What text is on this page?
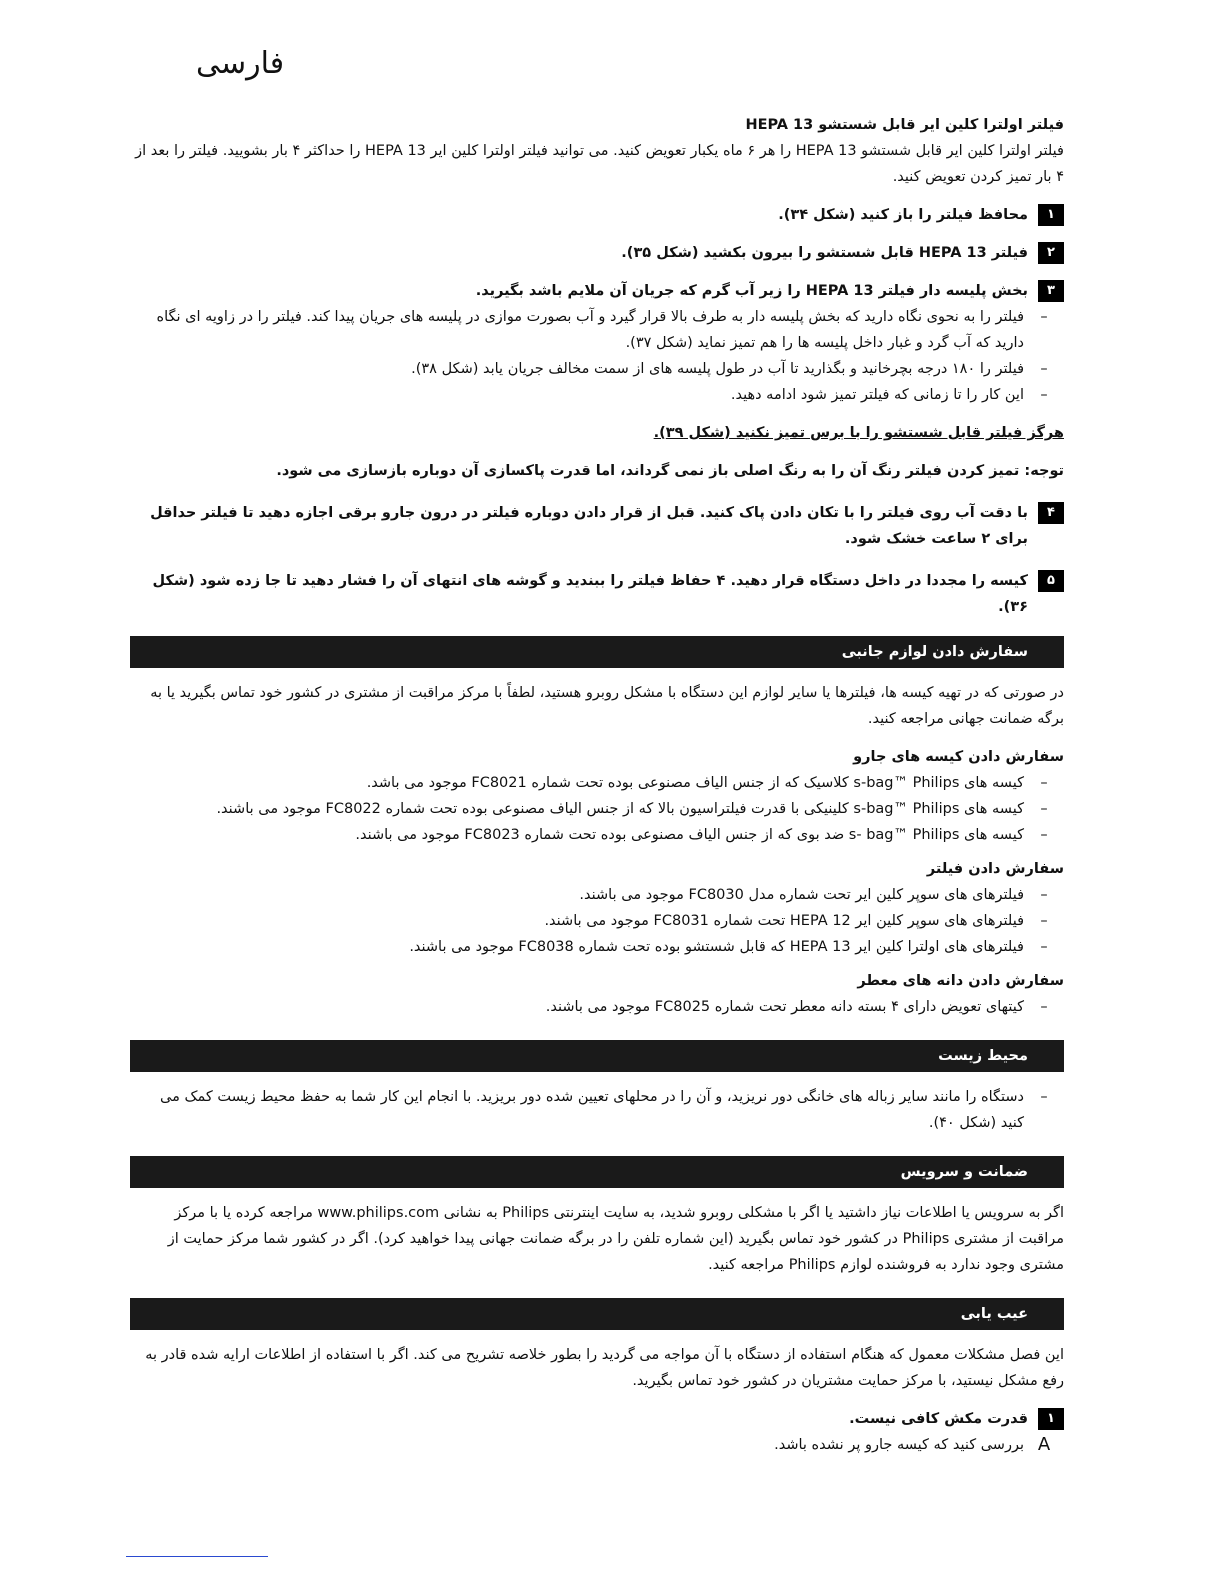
فارسی

فیلتر اولترا کلین ایر قابل شستشو HEPA 13

فیلتر اولترا کلین ایر قابل شستشو HEPA 13 را هر ۶ ماه یکبار تعویض کنید. می توانید فیلتر اولترا کلین ایر HEPA 13 را حداکثر ۴ بار بشویید. فیلتر را بعد از ۴ بار تمیز کردن تعویض کنید.

۱
محافظ فیلتر را باز کنید (شکل ۳۴).
۲
فیلتر HEPA 13 قابل شستشو را بیرون بکشید (شکل ۳۵).
۳
بخش پلیسه دار فیلتر HEPA 13 را زیر آب گرم که جریان آن ملایم باشد بگیرید.
–
فیلتر را به نحوی نگاه دارید که بخش پلیسه دار به طرف بالا قرار گیرد و آب بصورت موازی در پلیسه های جریان پیدا کند. فیلتر را در زاویه ای نگاه دارید که آب گرد و غبار داخل پلیسه ها را هم تمیز نماید (شکل ۳۷).
–
فیلتر را ۱۸۰ درجه بچرخانید و بگذارید تا آب در طول پلیسه های از سمت مخالف جریان یابد (شکل ۳۸).
–
این کار را تا زمانی که فیلتر تمیز شود ادامه دهید.

هرگز فیلتر قابل شستشو را با برس تمیز نکنید (شکل ۳۹).

توجه: تمیز کردن فیلتر رنگ آن را به رنگ اصلی باز نمی گرداند، اما قدرت پاکسازی آن دوباره بازسازی می شود.

۴
با دقت آب روی فیلتر را با تکان دادن پاک کنید. قبل از قرار دادن دوباره فیلتر در درون جارو برقی اجازه دهید تا فیلتر حداقل برای ۲ ساعت خشک شود.
۵
کیسه را مجددا در داخل دستگاه قرار دهید. ۴ حفاظ فیلتر را ببندید و گوشه های انتهای آن را فشار دهید تا جا زده شود (شکل ۳۶).
سفارش دادن لوازم جانبی

در صورتی که در تهیه کیسه ها، فیلترها یا سایر لوازم این دستگاه با مشکل روبرو هستید، لطفاً با مرکز مراقبت از مشتری در کشور خود تماس بگیرید یا به برگه ضمانت جهانی مراجعه کنید.

سفارش دادن کیسه های جارو

–
کیسه های s-bag™ Philips کلاسیک که از جنس الیاف مصنوعی بوده تحت شماره FC8021 موجود می باشد.
–
کیسه های s-bag™ Philips کلینیکی با قدرت فیلتراسیون بالا که از جنس الیاف مصنوعی بوده تحت شماره FC8022 موجود می باشند.
–
کیسه های s- bag™ Philips ضد بوی که از جنس الیاف مصنوعی بوده تحت شماره FC8023 موجود می باشند.

سفارش دادن فیلتر

–
فیلترهای های سوپر کلین ایر تحت شماره مدل FC8030 موجود می باشند.
–
فیلترهای های سوپر کلین ایر HEPA 12 تحت شماره FC8031 موجود می باشند.
–
فیلترهای های اولترا کلین ایر HEPA 13 که قابل شستشو بوده تحت شماره FC8038 موجود می باشند.

سفارش دادن دانه های معطر

–
کیتهای تعویض دارای ۴ بسته دانه معطر تحت شماره FC8025 موجود می باشند.
محیط زیست
–
دستگاه را مانند سایر زباله های خانگی دور نریزید، و آن را در محلهای تعیین شده دور بریزید. با انجام این کار شما به حفظ محیط زیست کمک می کنید (شکل ۴۰).
ضمانت و سرویس

اگر به سرویس یا اطلاعات نیاز داشتید یا اگر با مشکلی روبرو شدید، به سایت اینترنتی Philips به نشانی www.philips.com مراجعه کرده یا با مرکز مراقبت از مشتری Philips در کشور خود تماس بگیرید (این شماره تلفن را در برگه ضمانت جهانی پیدا خواهید کرد). اگر در کشور شما مرکز حمایت از مشتری وجود ندارد به فروشنده لوازم Philips مراجعه کنید.

عیب یابی

این فصل مشکلات معمول که هنگام استفاده از دستگاه با آن مواجه می گردید را بطور خلاصه تشریح می کند. اگر با استفاده از اطلاعات ارایه شده قادر به رفع مشکل نیستید، با مرکز حمایت مشتریان در کشور خود تماس بگیرید.

۱
قدرت مکش کافی نیست.
A
بررسی کنید که کیسه جارو پر نشده باشد.
